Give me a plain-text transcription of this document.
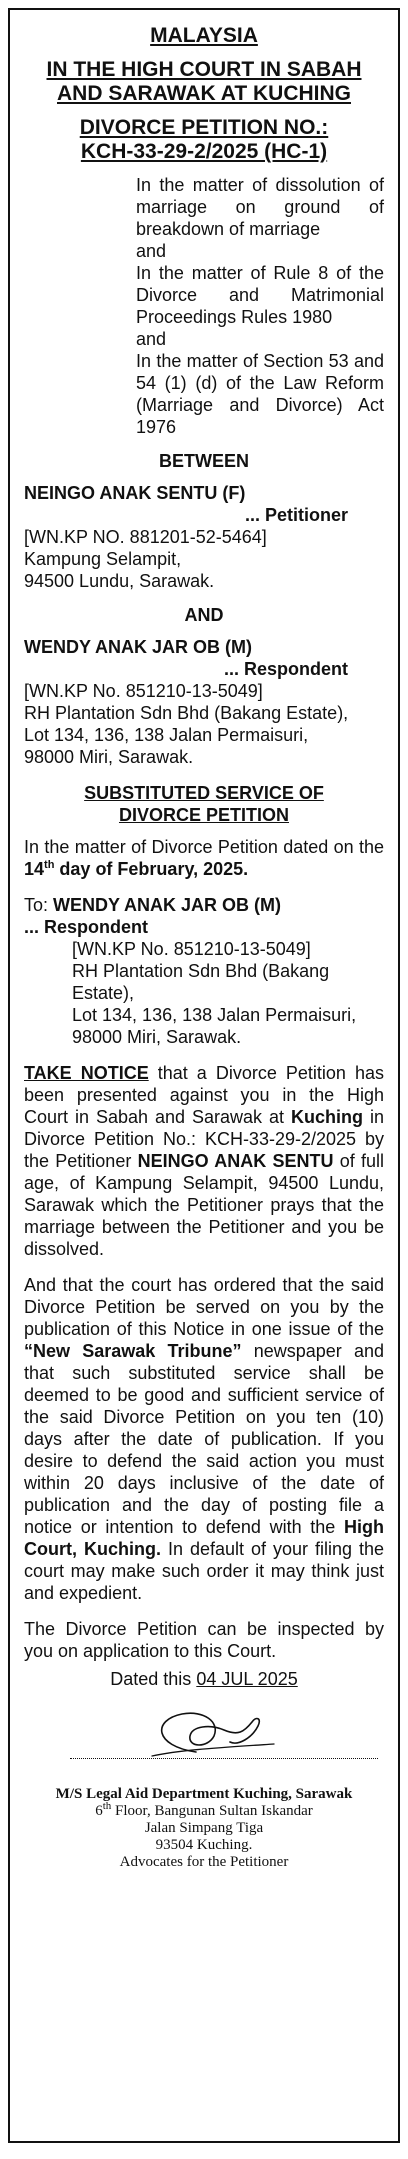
MALAYSIA
IN THE HIGH COURT IN SABAH
AND SARAWAK AT KUCHING
DIVORCE PETITION NO.:
KCH-33-29-2/2025 (HC-1)

In the matter of dissolution of marriage on ground of breakdown of marriage

and

In the matter of Rule 8 of the Divorce and Matrimonial Proceedings Rules 1980

and

In the matter of Section 53 and 54 (1) (d) of the Law Reform (Marriage and Divorce) Act 1976

BETWEEN

NEINGO ANAK SENTU (F)

... Petitioner

[WN.KP NO. 881201-52-5464]

Kampung Selampit,

94500 Lundu, Sarawak.

AND

WENDY ANAK JAR OB (M)

... Respondent

[WN.KP No. 851210-13-5049]

RH Plantation Sdn Bhd (Bakang Estate),

Lot 134, 136, 138 Jalan Permaisuri,

98000 Miri, Sarawak.

SUBSTITUTED SERVICE OF
DIVORCE PETITION

In the matter of Divorce Petition dated on the 14th day of February, 2025.

To: WENDY ANAK JAR OB (M)

... Respondent

[WN.KP No. 851210-13-5049]

RH Plantation Sdn Bhd (Bakang Estate),

Lot 134, 136, 138 Jalan Permaisuri,

98000 Miri, Sarawak.

TAKE NOTICE that a Divorce Petition has been presented against you in the High Court in Sabah and Sarawak at Kuching in Divorce Petition No.: KCH-33-29-2/2025 by the Petitioner NEINGO ANAK SENTU of full age, of Kampung Selampit, 94500 Lundu, Sarawak which the Petitioner prays that the marriage between the Petitioner and you be dissolved.

And that the court has ordered that the said Divorce Petition be served on you by the publication of this Notice in one issue of the “New Sarawak Tribune” newspaper and that such substituted service shall be deemed to be good and sufficient service of the said Divorce Petition on you ten (10) days after the date of publication. If you desire to defend the said action you must within 20 days inclusive of the date of publication and the day of posting file a notice or intention to defend with the High Court, Kuching. In default of your filing the court may make such order it may think just and expedient.

The Divorce Petition can be inspected by you on application to this Court.

Dated this 04 JUL 2025

M/S Legal Aid Department Kuching, Sarawak

6th Floor, Bangunan Sultan Iskandar

Jalan Simpang Tiga

93504 Kuching.

Advocates for the Petitioner
